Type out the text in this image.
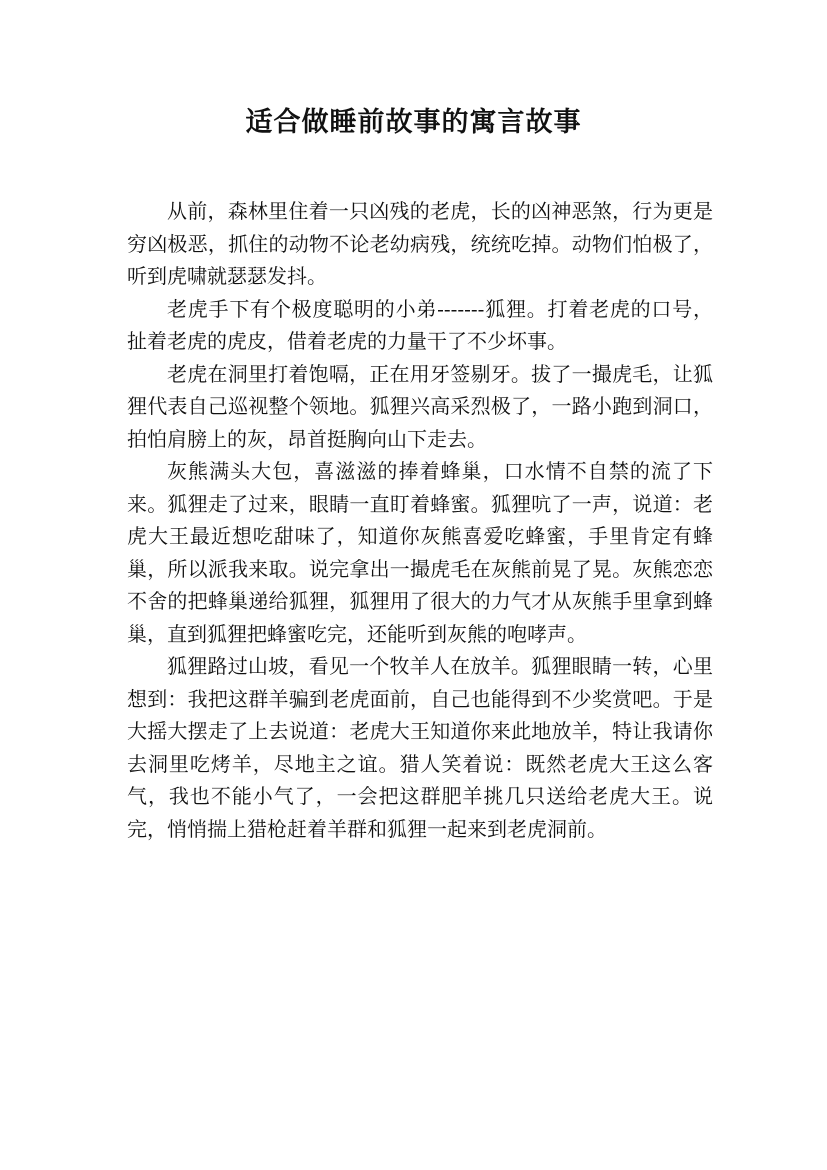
适合做睡前故事的寓言故事

从前，森林里住着一只凶残的老虎，长的凶神恶煞，行为更是穷凶极恶，抓住的动物不论老幼病残，统统吃掉。动物们怕极了，听到虎啸就瑟瑟发抖。

老虎手下有个极度聪明的小弟-------狐狸。打着老虎的口号，扯着老虎的虎皮，借着老虎的力量干了不少坏事。

老虎在洞里打着饱嗝，正在用牙签剔牙。拔了一撮虎毛，让狐狸代表自己巡视整个领地。狐狸兴高采烈极了，一路小跑到洞口，拍怕肩膀上的灰，昂首挺胸向山下走去。

灰熊满头大包，喜滋滋的捧着蜂巢，口水情不自禁的流了下来。狐狸走了过来，眼睛一直盯着蜂蜜。狐狸吭了一声，说道：老虎大王最近想吃甜味了，知道你灰熊喜爱吃蜂蜜，手里肯定有蜂巢，所以派我来取。说完拿出一撮虎毛在灰熊前晃了晃。灰熊恋恋不舍的把蜂巢递给狐狸，狐狸用了很大的力气才从灰熊手里拿到蜂巢，直到狐狸把蜂蜜吃完，还能听到灰熊的咆哮声。

狐狸路过山坡，看见一个牧羊人在放羊。狐狸眼睛一转，心里想到：我把这群羊骗到老虎面前，自己也能得到不少奖赏吧。于是大摇大摆走了上去说道：老虎大王知道你来此地放羊，特让我请你去洞里吃烤羊，尽地主之谊。猎人笑着说：既然老虎大王这么客气，我也不能小气了，一会把这群肥羊挑几只送给老虎大王。说完，悄悄揣上猎枪赶着羊群和狐狸一起来到老虎洞前。
